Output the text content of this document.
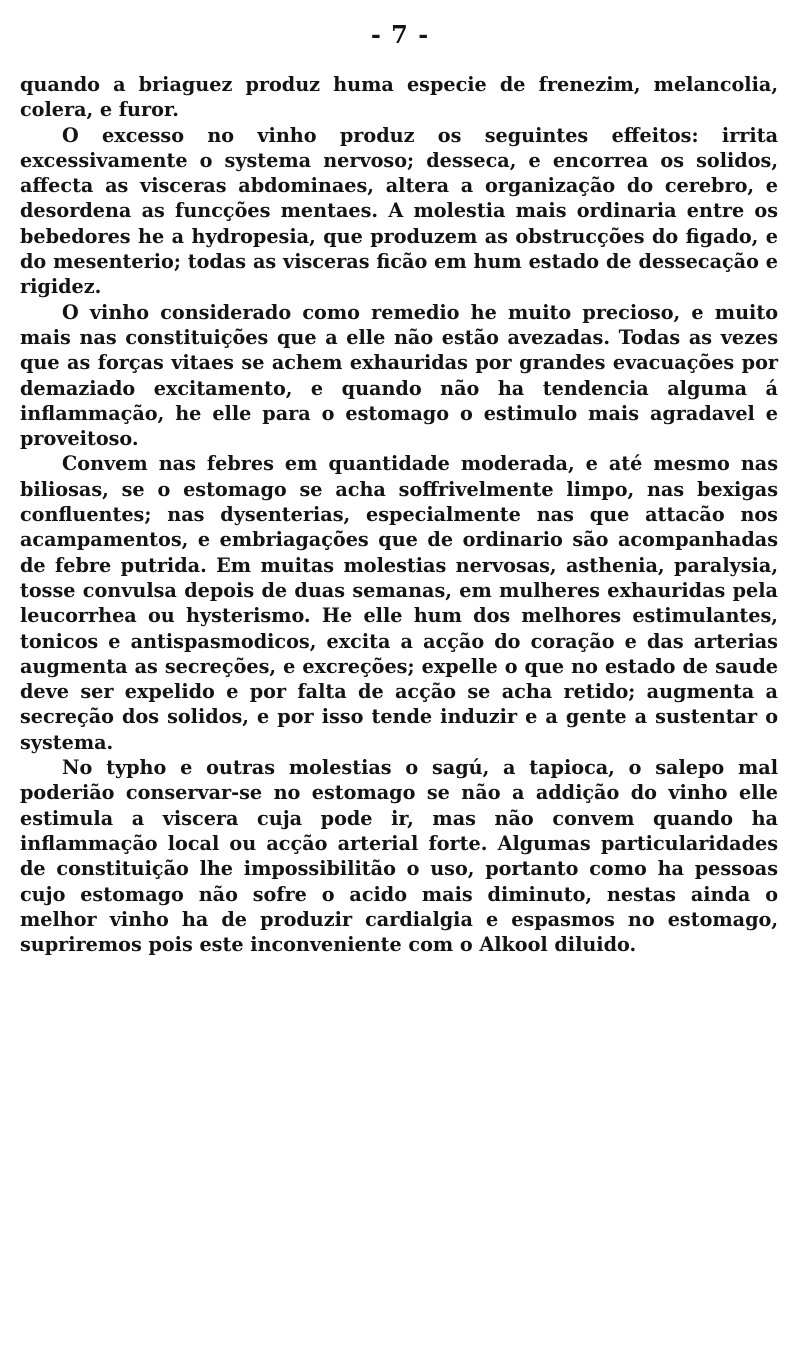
- 7 -

quando a briaguez produz huma especie de frenezim, melancolia, colera, e furor.

O excesso no vinho produz os seguintes effeitos: irrita excessivamente o systema nervoso; desseca, e encorrea os solidos, affecta as visceras abdominaes, altera a organização do cerebro, e desordena as funcções mentaes. A molestia mais ordinaria entre os bebedores he a hydropesia, que produzem as obstrucções do figado, e do mesenterio; todas as visceras ficão em hum estado de dessecação e rigidez.

O vinho considerado como remedio he muito precioso, e muito mais nas constituições que a elle não estão avezadas. Todas as vezes que as forças vitaes se achem exhauridas por grandes evacuações por demaziado excitamento, e quando não ha tendencia alguma á inflammação, he elle para o estomago o estimulo mais agradavel e proveitoso.

Convem nas febres em quantidade moderada, e até mesmo nas biliosas, se o estomago se acha soffrivelmente limpo, nas bexigas confluentes; nas dysenterias, especialmente nas que attacão nos acampamentos, e embriagações que de ordinario são acompanhadas de febre putrida. Em muitas molestias nervosas, asthenia, paralysia, tosse convulsa depois de duas semanas, em mulheres exhauridas pela leucorrhea ou hysterismo. He elle hum dos melhores estimulantes, tonicos e antispasmodicos, excita a acção do coração e das arterias augmenta as secreções, e excreções; expelle o que no estado de saude deve ser expelido e por falta de acção se acha retido; augmenta a secreção dos solidos, e por isso tende induzir e a gente a sustentar o systema.

No typho e outras molestias o sagú, a tapioca, o salepo mal poderião conservar-se no estomago se não a addição do vinho elle estimula a viscera cuja pode ir, mas não convem quando ha inflammação local ou acção arterial forte. Algumas particularidades de constituição lhe impossibilitão o uso, portanto como ha pessoas cujo estomago não sofre o acido mais diminuto, nestas ainda o melhor vinho ha de produzir cardialgia e espasmos no estomago, supriremos pois este inconveniente com o Alkool diluido.
